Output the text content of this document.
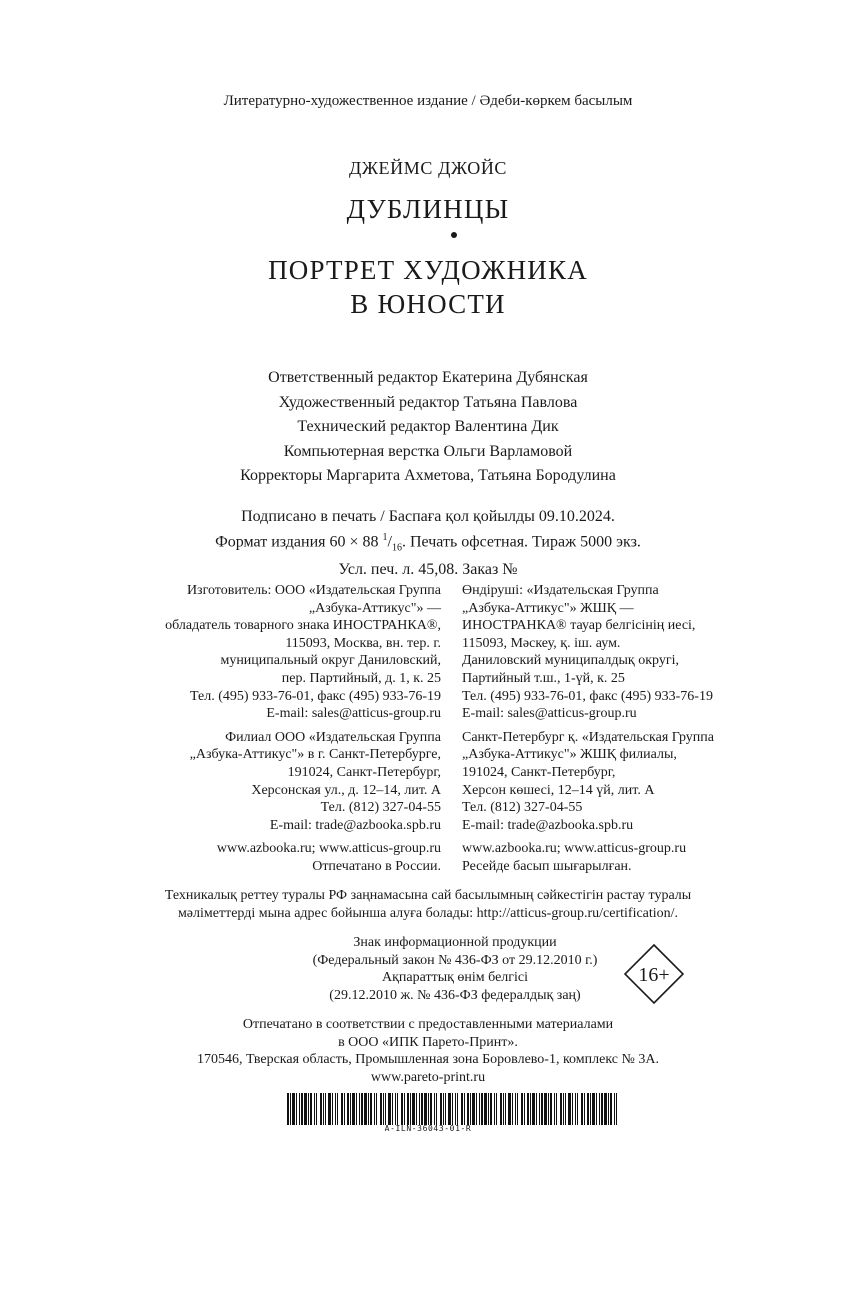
Литературно-художественное издание / Әдеби-көркем басылым
ДЖЕЙМС ДЖОЙС
ДУБЛИНЦЫ
ПОРТРЕТ ХУДОЖНИКА
В ЮНОСТИ
Ответственный редактор Екатерина Дубянская
Художественный редактор Татьяна Павлова
Технический редактор Валентина Дик
Компьютерная верстка Ольги Варламовой
Корректоры Маргарита Ахметова, Татьяна Бородулина
Подписано в печать / Баспаға қол қойылды 09.10.2024.
Формат издания 60 × 88 $^1/_{16}$. Печать офсетная. Тираж 5000 экз.
Усл. печ. л. 45,08. Заказ №
Изготовитель: ООО «Издательская Группа
„Азбука-Аттикус"» —
обладатель товарного знака ИНОСТРАНКА®,
115093, Москва, вн. тер. г.
муниципальный округ Даниловский,
пер. Партийный, д. 1, к. 25
Тел. (495) 933-76-01, факс (495) 933-76-19
E-mail: sales@atticus-group.ru
Филиал ООО «Издательская Группа
„Азбука-Аттикус"» в г. Санкт-Петербурге,
191024, Санкт-Петербург,
Херсонская ул., д. 12–14, лит. А
Тел. (812) 327-04-55
E-mail: trade@azbooka.spb.ru
www.azbooka.ru; www.atticus-group.ru
Отпечатано в России.
Өндіруші: «Издательская Группа
„Азбука-Аттикус"» ЖШҚ —
ИНОСТРАНКА® тауар белгісінің иесі,
115093, Мәскеу, қ. іш. аум.
Даниловский муниципалдық округі,
Партийный т.ш., 1-үй, к. 25
Тел. (495) 933-76-01, факс (495) 933-76-19
E-mail: sales@atticus-group.ru
Санкт-Петербург қ. «Издательская Группа
„Азбука-Аттикус"» ЖШҚ филиалы,
191024, Санкт-Петербург,
Херсон көшесі, 12–14 үй, лит. А
Тел. (812) 327-04-55
E-mail: trade@azbooka.spb.ru
www.azbooka.ru; www.atticus-group.ru
Ресейде басып шығарылған.
Техникалық реттеу туралы РФ заңнамасына сай басылымның сәйкестігін растау туралы
мәліметтерді мына адрес бойынша алуға болады: http://atticus-group.ru/certification/.
Знак информационной продукции
(Федеральный закон № 436-ФЗ от 29.12.2010 г.)
Ақпараттық өнім белгісі
(29.12.2010 ж. № 436-ФЗ федералдық заң)
16+
Отпечатано в соответствии с предоставленными материалами
в ООО «ИПК Парето-Принт».
170546, Тверская область, Промышленная зона Боровлево-1, комплекс № 3А.
www.pareto-print.ru
A-ILN-36043-01-R
